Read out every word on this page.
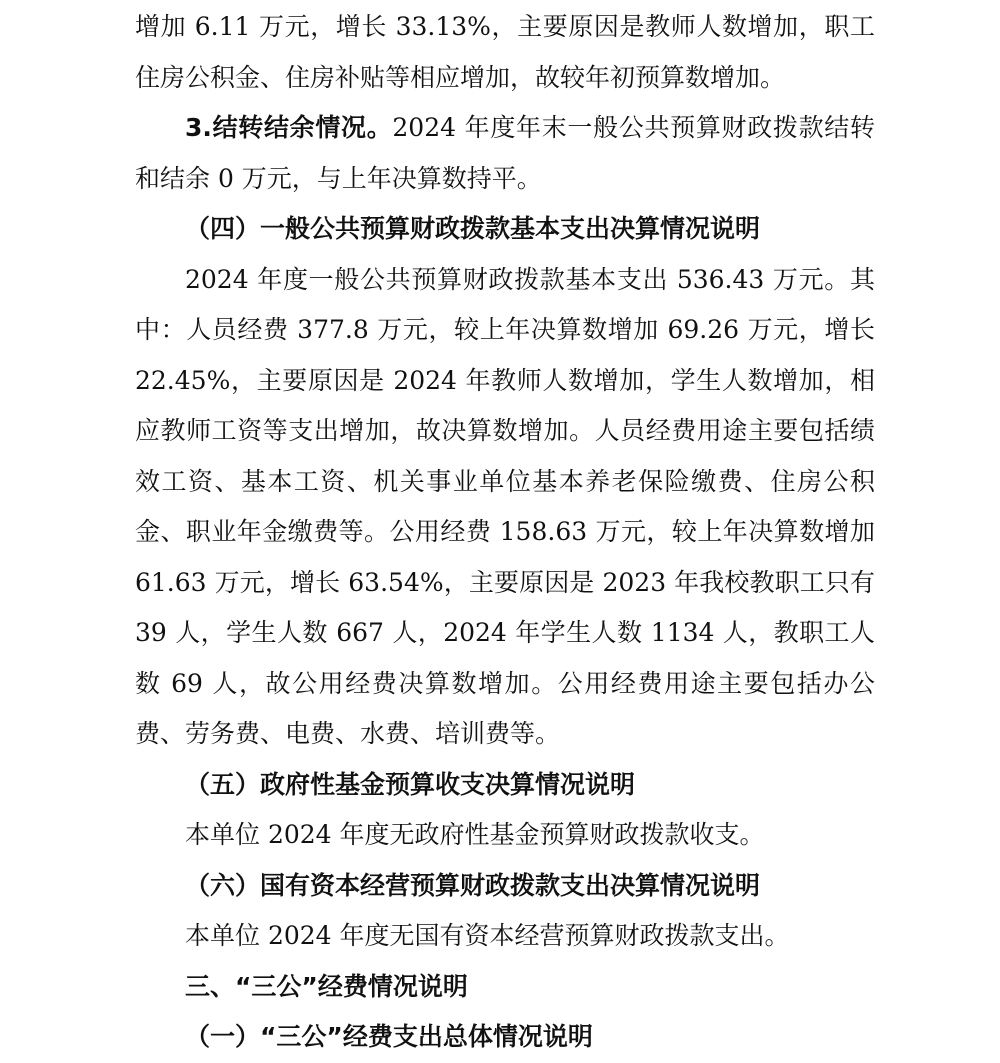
增加 6.11 万元，增长 33.13%，主要原因是教师人数增加，职工住房公积金、住房补贴等相应增加，故较年初预算数增加。

3.结转结余情况。2024 年度年末一般公共预算财政拨款结转和结余 0 万元，与上年决算数持平。

（四）一般公共预算财政拨款基本支出决算情况说明

2024 年度一般公共预算财政拨款基本支出 536.43 万元。其中：人员经费 377.8 万元，较上年决算数增加 69.26 万元，增长 22.45%，主要原因是 2024 年教师人数增加，学生人数增加，相应教师工资等支出增加，故决算数增加。人员经费用途主要包括绩效工资、基本工资、机关事业单位基本养老保险缴费、住房公积金、职业年金缴费等。公用经费 158.63 万元，较上年决算数增加 61.63 万元，增长 63.54%，主要原因是 2023 年我校教职工只有 39 人，学生人数 667 人，2024 年学生人数 1134 人，教职工人数 69 人，故公用经费决算数增加。公用经费用途主要包括办公费、劳务费、电费、水费、培训费等。

（五）政府性基金预算收支决算情况说明

本单位 2024 年度无政府性基金预算财政拨款收支。

（六）国有资本经营预算财政拨款支出决算情况说明

本单位 2024 年度无国有资本经营预算财政拨款支出。

三、“三公”经费情况说明

（一）“三公”经费支出总体情况说明
